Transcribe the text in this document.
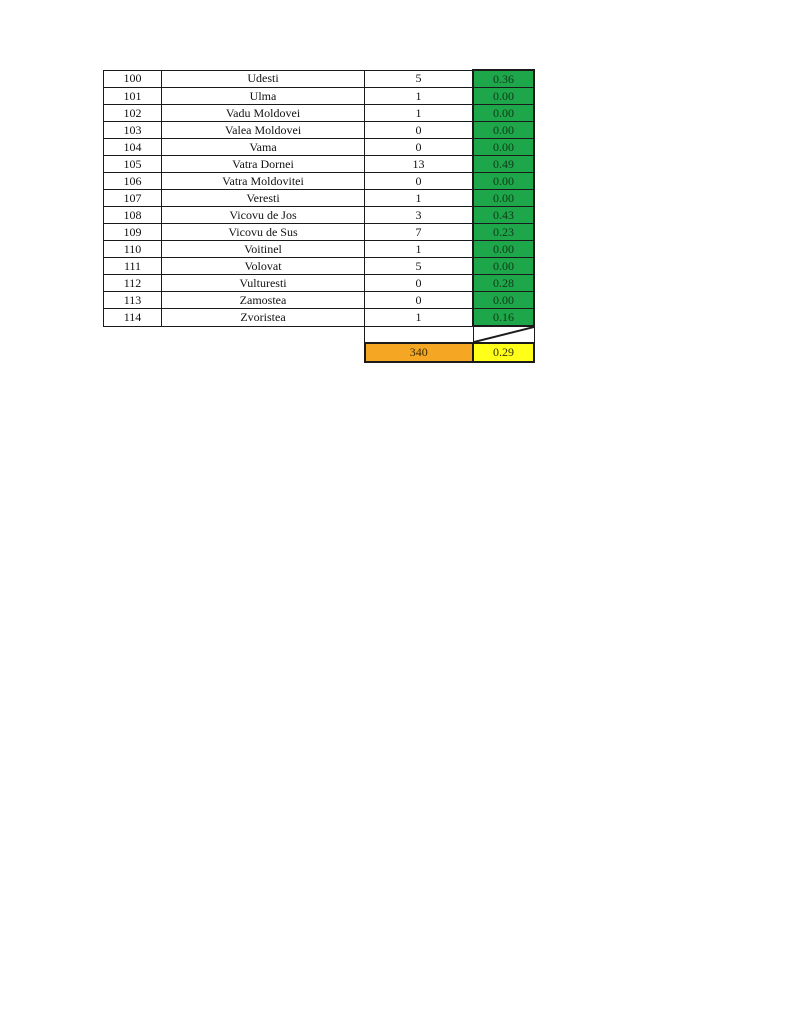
100	Udesti	5	0.36
101	Ulma	1	0.00
102	Vadu Moldovei	1	0.00
103	Valea Moldovei	0	0.00
104	Vama	0	0.00
105	Vatra Dornei	13	0.49
106	Vatra Moldovitei	0	0.00
107	Veresti	1	0.00
108	Vicovu de Jos	3	0.43
109	Vicovu de Sus	7	0.23
110	Voitinel	1	0.00
111	Volovat	5	0.00
112	Vulturesti	0	0.28
113	Zamostea	0	0.00
114	Zvoristea	1	0.16

		340	0.29
